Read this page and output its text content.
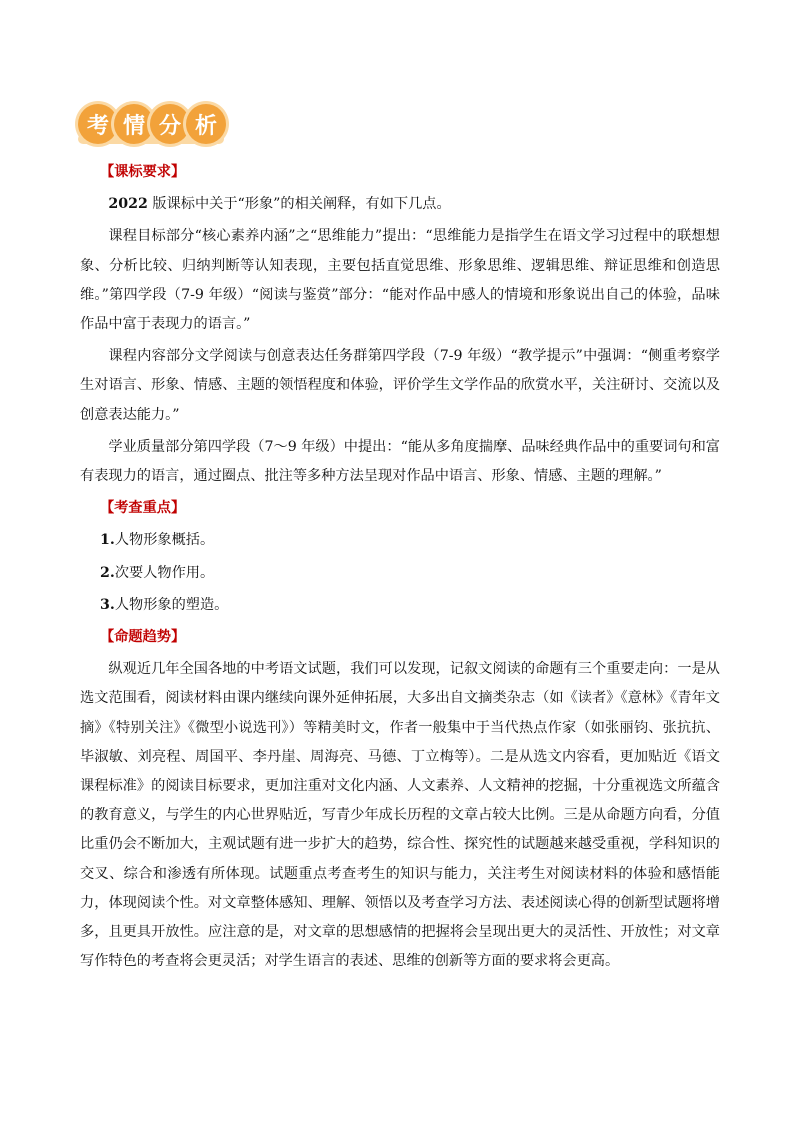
考 情 分 析
【课标要求】

2022 版课标中关于“形象”的相关阐释，有如下几点。

课程目标部分“核心素养内涵”之“思维能力”提出：“思维能力是指学生在语文学习过程中的联想想象、分析比较、归纳判断等认知表现，主要包括直觉思维、形象思维、逻辑思维、辩证思维和创造思维。”第四学段（7-9 年级）“阅读与鉴赏”部分：“能对作品中感人的情境和形象说出自己的体验，品味作品中富于表现力的语言。”

课程内容部分文学阅读与创意表达任务群第四学段（7-9 年级）“教学提示”中强调：“侧重考察学生对语言、形象、情感、主题的领悟程度和体验，评价学生文学作品的欣赏水平，关注研讨、交流以及创意表达能力。”

学业质量部分第四学段（7～9 年级）中提出：“能从多角度揣摩、品味经典作品中的重要词句和富有表现力的语言，通过圈点、批注等多种方法呈现对作品中语言、形象、情感、主题的理解。”

【考查重点】

1.人物形象概括。

2.次要人物作用。

3.人物形象的塑造。

【命题趋势】

纵观近几年全国各地的中考语文试题，我们可以发现，记叙文阅读的命题有三个重要走向：一是从选文范围看，阅读材料由课内继续向课外延伸拓展，大多出自文摘类杂志（如《读者》《意林》《青年文摘》《特别关注》《微型小说选刊》）等精美时文，作者一般集中于当代热点作家（如张丽钧、张抗抗、毕淑敏、刘亮程、周国平、李丹崖、周海亮、马德、丁立梅等）。二是从选文内容看，更加贴近《语文课程标准》的阅读目标要求，更加注重对文化内涵、人文素养、人文精神的挖掘，十分重视选文所蕴含的教育意义，与学生的内心世界贴近，写青少年成长历程的文章占较大比例。三是从命题方向看，分值比重仍会不断加大，主观试题有进一步扩大的趋势，综合性、探究性的试题越来越受重视，学科知识的交叉、综合和渗透有所体现。试题重点考查考生的知识与能力，关注考生对阅读材料的体验和感悟能力，体现阅读个性。对文章整体感知、理解、领悟以及考查学习方法、表述阅读心得的创新型试题将增多，且更具开放性。应注意的是，对文章的思想感情的把握将会呈现出更大的灵活性、开放性；对文章写作特色的考查将会更灵活；对学生语言的表述、思维的创新等方面的要求将会更高。
